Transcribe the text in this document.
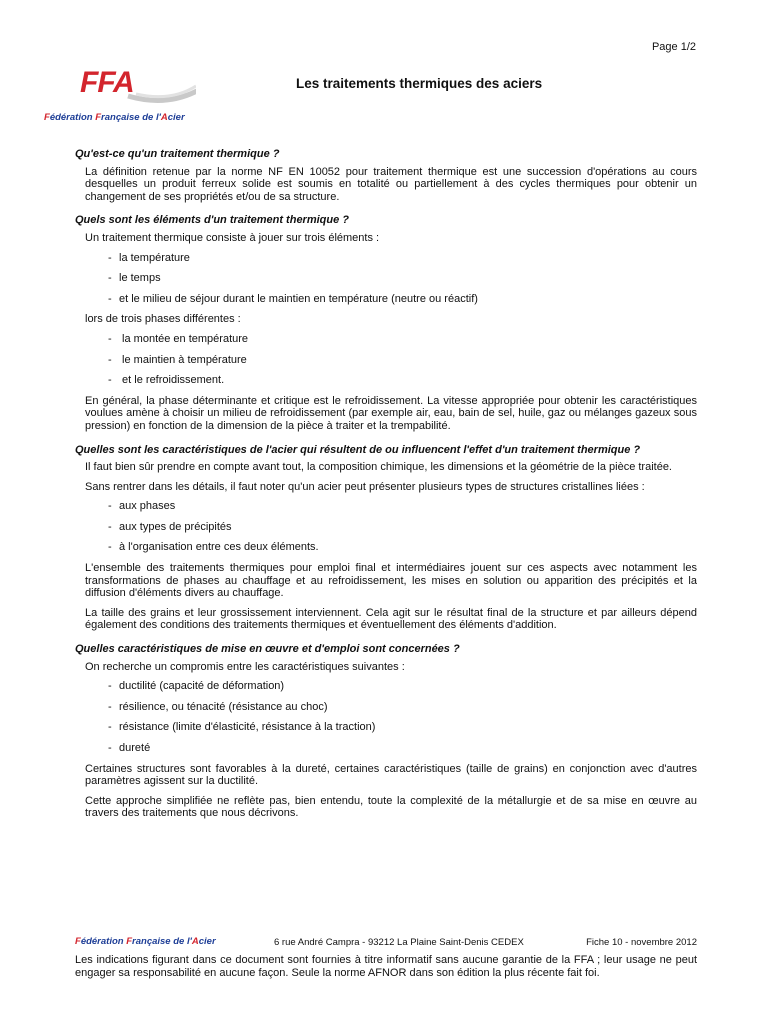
Page 1/2
FFA
Fédération Française de l'Acier
Les traitements thermiques des aciers
Qu'est-ce qu'un traitement thermique ?
La définition retenue par la norme NF EN 10052 pour traitement thermique est une succession d'opérations au cours desquelles un produit ferreux solide est soumis en totalité ou partiellement à des cycles thermiques pour obtenir un changement de ses propriétés et/ou de sa structure.
Quels sont les éléments d'un traitement thermique ?
Un traitement thermique consiste à jouer sur trois éléments :
- la température
- le temps
- et le milieu de séjour durant le maintien en température (neutre ou réactif)
lors de trois phases différentes :
- la montée en température
- le maintien à température
- et le refroidissement.
En général, la phase déterminante et critique est le refroidissement. La vitesse appropriée pour obtenir les caractéristiques voulues amène à choisir un milieu de refroidissement (par exemple air, eau, bain de sel, huile, gaz ou mélanges gazeux sous pression) en fonction de la dimension de la pièce à traiter et la trempabilité.
Quelles sont les caractéristiques de l'acier qui résultent de ou influencent l'effet d'un traitement thermique ?
Il faut bien sûr prendre en compte avant tout, la composition chimique, les dimensions et la géométrie de la pièce traitée.
Sans rentrer dans les détails, il faut noter qu'un acier peut présenter plusieurs types de structures cristallines liées :
- aux phases
- aux types de précipités
- à l'organisation entre ces deux éléments.
L'ensemble des traitements thermiques pour emploi final et intermédiaires jouent sur ces aspects avec notamment les transformations de phases au chauffage et au refroidissement, les mises en solution ou apparition des précipités et la diffusion d'éléments divers au chauffage.
La taille des grains et leur grossissement interviennent. Cela agit sur le résultat final de la structure et par ailleurs dépend également des conditions des traitements thermiques et éventuellement des éléments d'addition.
Quelles caractéristiques de mise en œuvre et d'emploi sont concernées ?
On recherche un compromis entre les caractéristiques suivantes :
- ductilité (capacité de déformation)
- résilience, ou ténacité (résistance au choc)
- résistance (limite d'élasticité, résistance à la traction)
- dureté
Certaines structures sont favorables à la dureté, certaines caractéristiques (taille de grains) en conjonction avec d'autres paramètres agissent sur la ductilité.
Cette approche simplifiée ne reflète pas, bien entendu, toute la complexité de la métallurgie et de sa mise en œuvre au travers des traitements que nous décrivons.
Fédération Française de l'Acier	6 rue André Campra - 93212 La Plaine Saint-Denis CEDEX	Fiche 10 - novembre 2012
Les indications figurant dans ce document sont fournies à titre informatif sans aucune garantie de la FFA ; leur usage ne peut engager sa responsabilité en aucune façon. Seule la norme AFNOR dans son édition la plus récente fait foi.
